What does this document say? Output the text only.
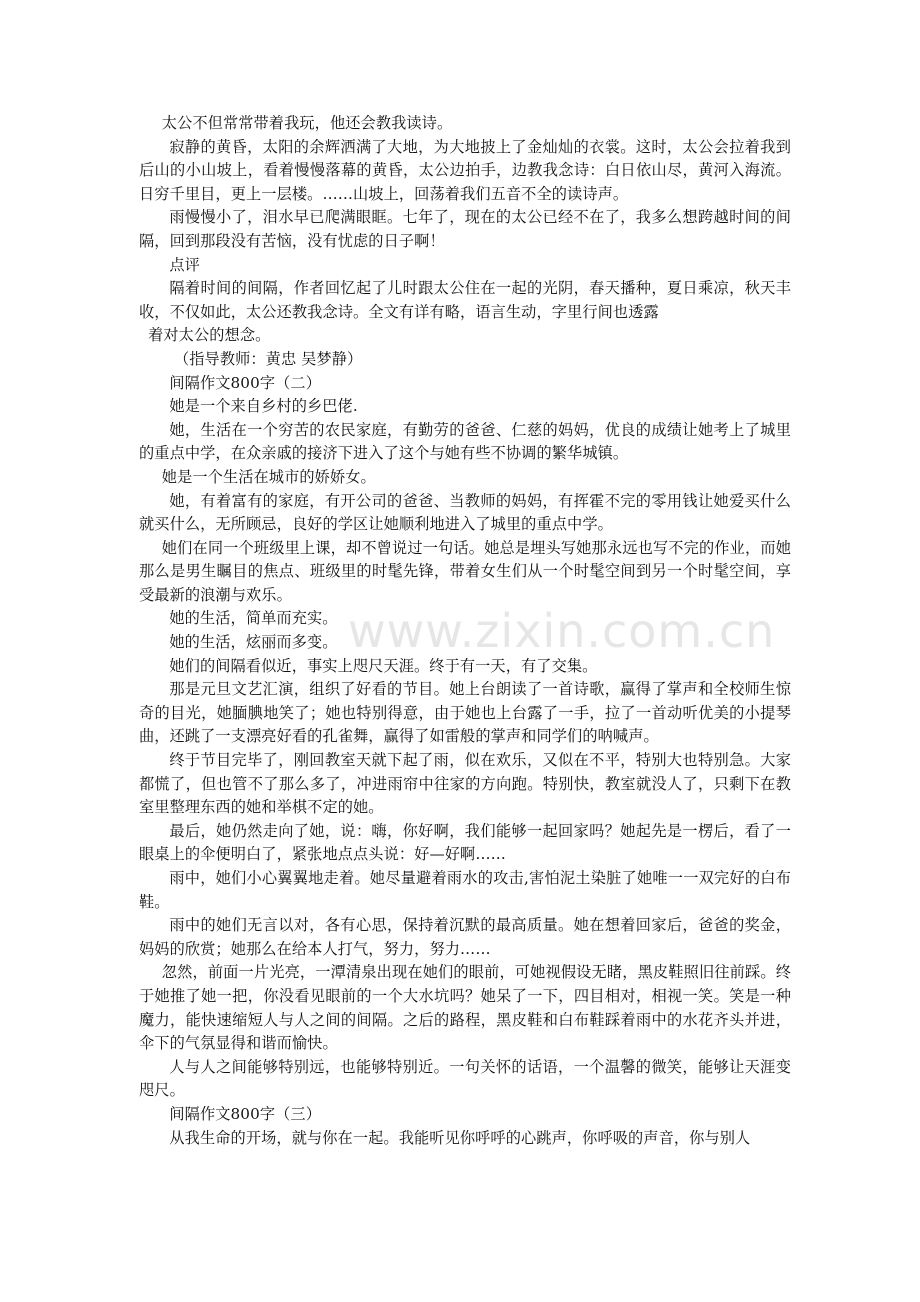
www.zixin.com.cn

太公不但常常带着我玩，他还会教我读诗。

寂静的黄昏，太阳的余辉洒满了大地，为大地披上了金灿灿的衣裳。这时，太公会拉着我到后山的小山坡上，看着慢慢落幕的黄昏，太公边拍手，边教我念诗：白日依山尽，黄河入海流。日穷千里目，更上一层楼。……山坡上，回荡着我们五音不全的读诗声。

雨慢慢小了，泪水早已爬满眼眶。七年了，现在的太公已经不在了，我多么想跨越时间的间隔，回到那段没有苦恼，没有忧虑的日子啊！

点评

隔着时间的间隔，作者回忆起了儿时跟太公住在一起的光阴，春天播种，夏日乘凉，秋天丰收，不仅如此，太公还教我念诗。全文有详有略，语言生动，字里行间也透露

着对太公的想念。

（指导教师：黄忠 吴梦静）

间隔作文800字（二）

她是一个来自乡村的乡巴佬.

她，生活在一个穷苦的农民家庭，有勤劳的爸爸、仁慈的妈妈，优良的成绩让她考上了城里的重点中学，在众亲戚的接济下进入了这个与她有些不协调的繁华城镇。

她是一个生活在城市的娇娇女。

她，有着富有的家庭，有开公司的爸爸、当教师的妈妈，有挥霍不完的零用钱让她爱买什么就买什么，无所顾忌，良好的学区让她顺利地进入了城里的重点中学。

她们在同一个班级里上课，却不曾说过一句话。她总是埋头写她那永远也写不完的作业，而她那么是男生瞩目的焦点、班级里的时髦先锋，带着女生们从一个时髦空间到另一个时髦空间，享受最新的浪潮与欢乐。

她的生活，简单而充实。

她的生活，炫丽而多变。

她们的间隔看似近，事实上咫尺天涯。终于有一天，有了交集。

那是元旦文艺汇演，组织了好看的节目。她上台朗读了一首诗歌，赢得了掌声和全校师生惊奇的目光，她腼腆地笑了；她也特别得意，由于她也上台露了一手，拉了一首动听优美的小提琴曲，还跳了一支漂亮好看的孔雀舞，赢得了如雷般的掌声和同学们的呐喊声。

终于节目完毕了，刚回教室天就下起了雨，似在欢乐，又似在不平，特别大也特别急。大家都慌了，但也管不了那么多了，冲进雨帘中往家的方向跑。特别快，教室就没人了，只剩下在教室里整理东西的她和举棋不定的她。

最后，她仍然走向了她，说：嗨，你好啊，我们能够一起回家吗？她起先是一楞后，看了一眼桌上的伞便明白了，紧张地点点头说：好—好啊……

雨中，她们小心翼翼地走着。她尽量避着雨水的攻击,害怕泥土染脏了她唯一一双完好的白布鞋。

雨中的她们无言以对，各有心思，保持着沉默的最高质量。她在想着回家后，爸爸的奖金，妈妈的欣赏；她那么在给本人打气，努力，努力……

忽然，前面一片光亮，一潭清泉出现在她们的眼前，可她视假设无睹，黑皮鞋照旧往前踩。终于她推了她一把，你没看见眼前的一个大水坑吗？她呆了一下，四目相对，相视一笑。笑是一种魔力，能快速缩短人与人之间的间隔。之后的路程，黑皮鞋和白布鞋踩着雨中的水花齐头并进，伞下的气氛显得和谐而愉快。

人与人之间能够特别远，也能够特别近。一句关怀的话语，一个温馨的微笑，能够让天涯变咫尺。

间隔作文800字（三）

从我生命的开场，就与你在一起。我能听见你呼呼的心跳声，你呼吸的声音，你与别人
